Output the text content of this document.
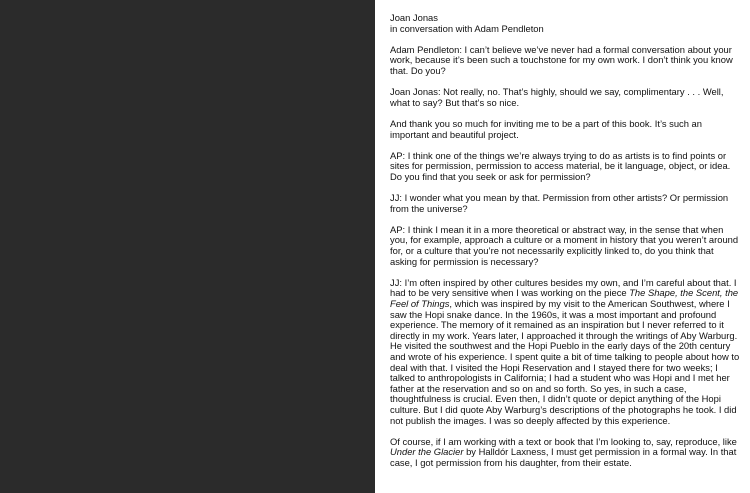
Joan Jonas

in conversation with Adam Pendleton

Adam Pendleton: I can’t believe we’ve never had a formal conversation about your work, because it’s been such a touchstone for my own work. I don’t think you know that. Do you?

Joan Jonas: Not really, no. That’s highly, should we say, complimentary . . . Well, what to say? But that’s so nice.

And thank you so much for inviting me to be a part of this book. It’s such an important and beautiful project.

AP: I think one of the things we’re always trying to do as artists is to find points or sites for permission, permission to access material, be it language, object, or idea. Do you find that you seek or ask for permission?

JJ: I wonder what you mean by that. Permission from other artists? Or permission from the universe?

AP: I think I mean it in a more theoretical or abstract way, in the sense that when you, for example, approach a culture or a moment in history that you weren’t around for, or a culture that you’re not necessarily explicitly linked to, do you think that asking for permission is necessary?

JJ: I’m often inspired by other cultures besides my own, and I’m careful about that. I had to be very sensitive when I was working on the piece The Shape, the Scent, the Feel of Things, which was inspired by my visit to the American Southwest, where I saw the Hopi snake dance. In the 1960s, it was a most important and profound experience. The memory of it remained as an inspiration but I never referred to it directly in my work. Years later, I approached it through the writings of Aby Warburg. He visited the southwest and the Hopi Pueblo in the early days of the 20th century and wrote of his experience. I spent quite a bit of time talking to people about how to deal with that. I visited the Hopi Reservation and I stayed there for two weeks; I talked to anthropologists in California; I had a student who was Hopi and I met her father at the reservation and so on and so forth. So yes, in such a case, thoughtfulness is crucial. Even then, I didn’t quote or depict anything of the Hopi culture. But I did quote Aby Warburg’s descriptions of the photographs he took. I did not publish the images. I was so deeply affected by this experience.

Of course, if I am working with a text or book that I’m looking to, say, reproduce, like Under the Glacier by Halldór Laxness, I must get permission in a formal way. In that case, I got permission from his daughter, from their estate.
